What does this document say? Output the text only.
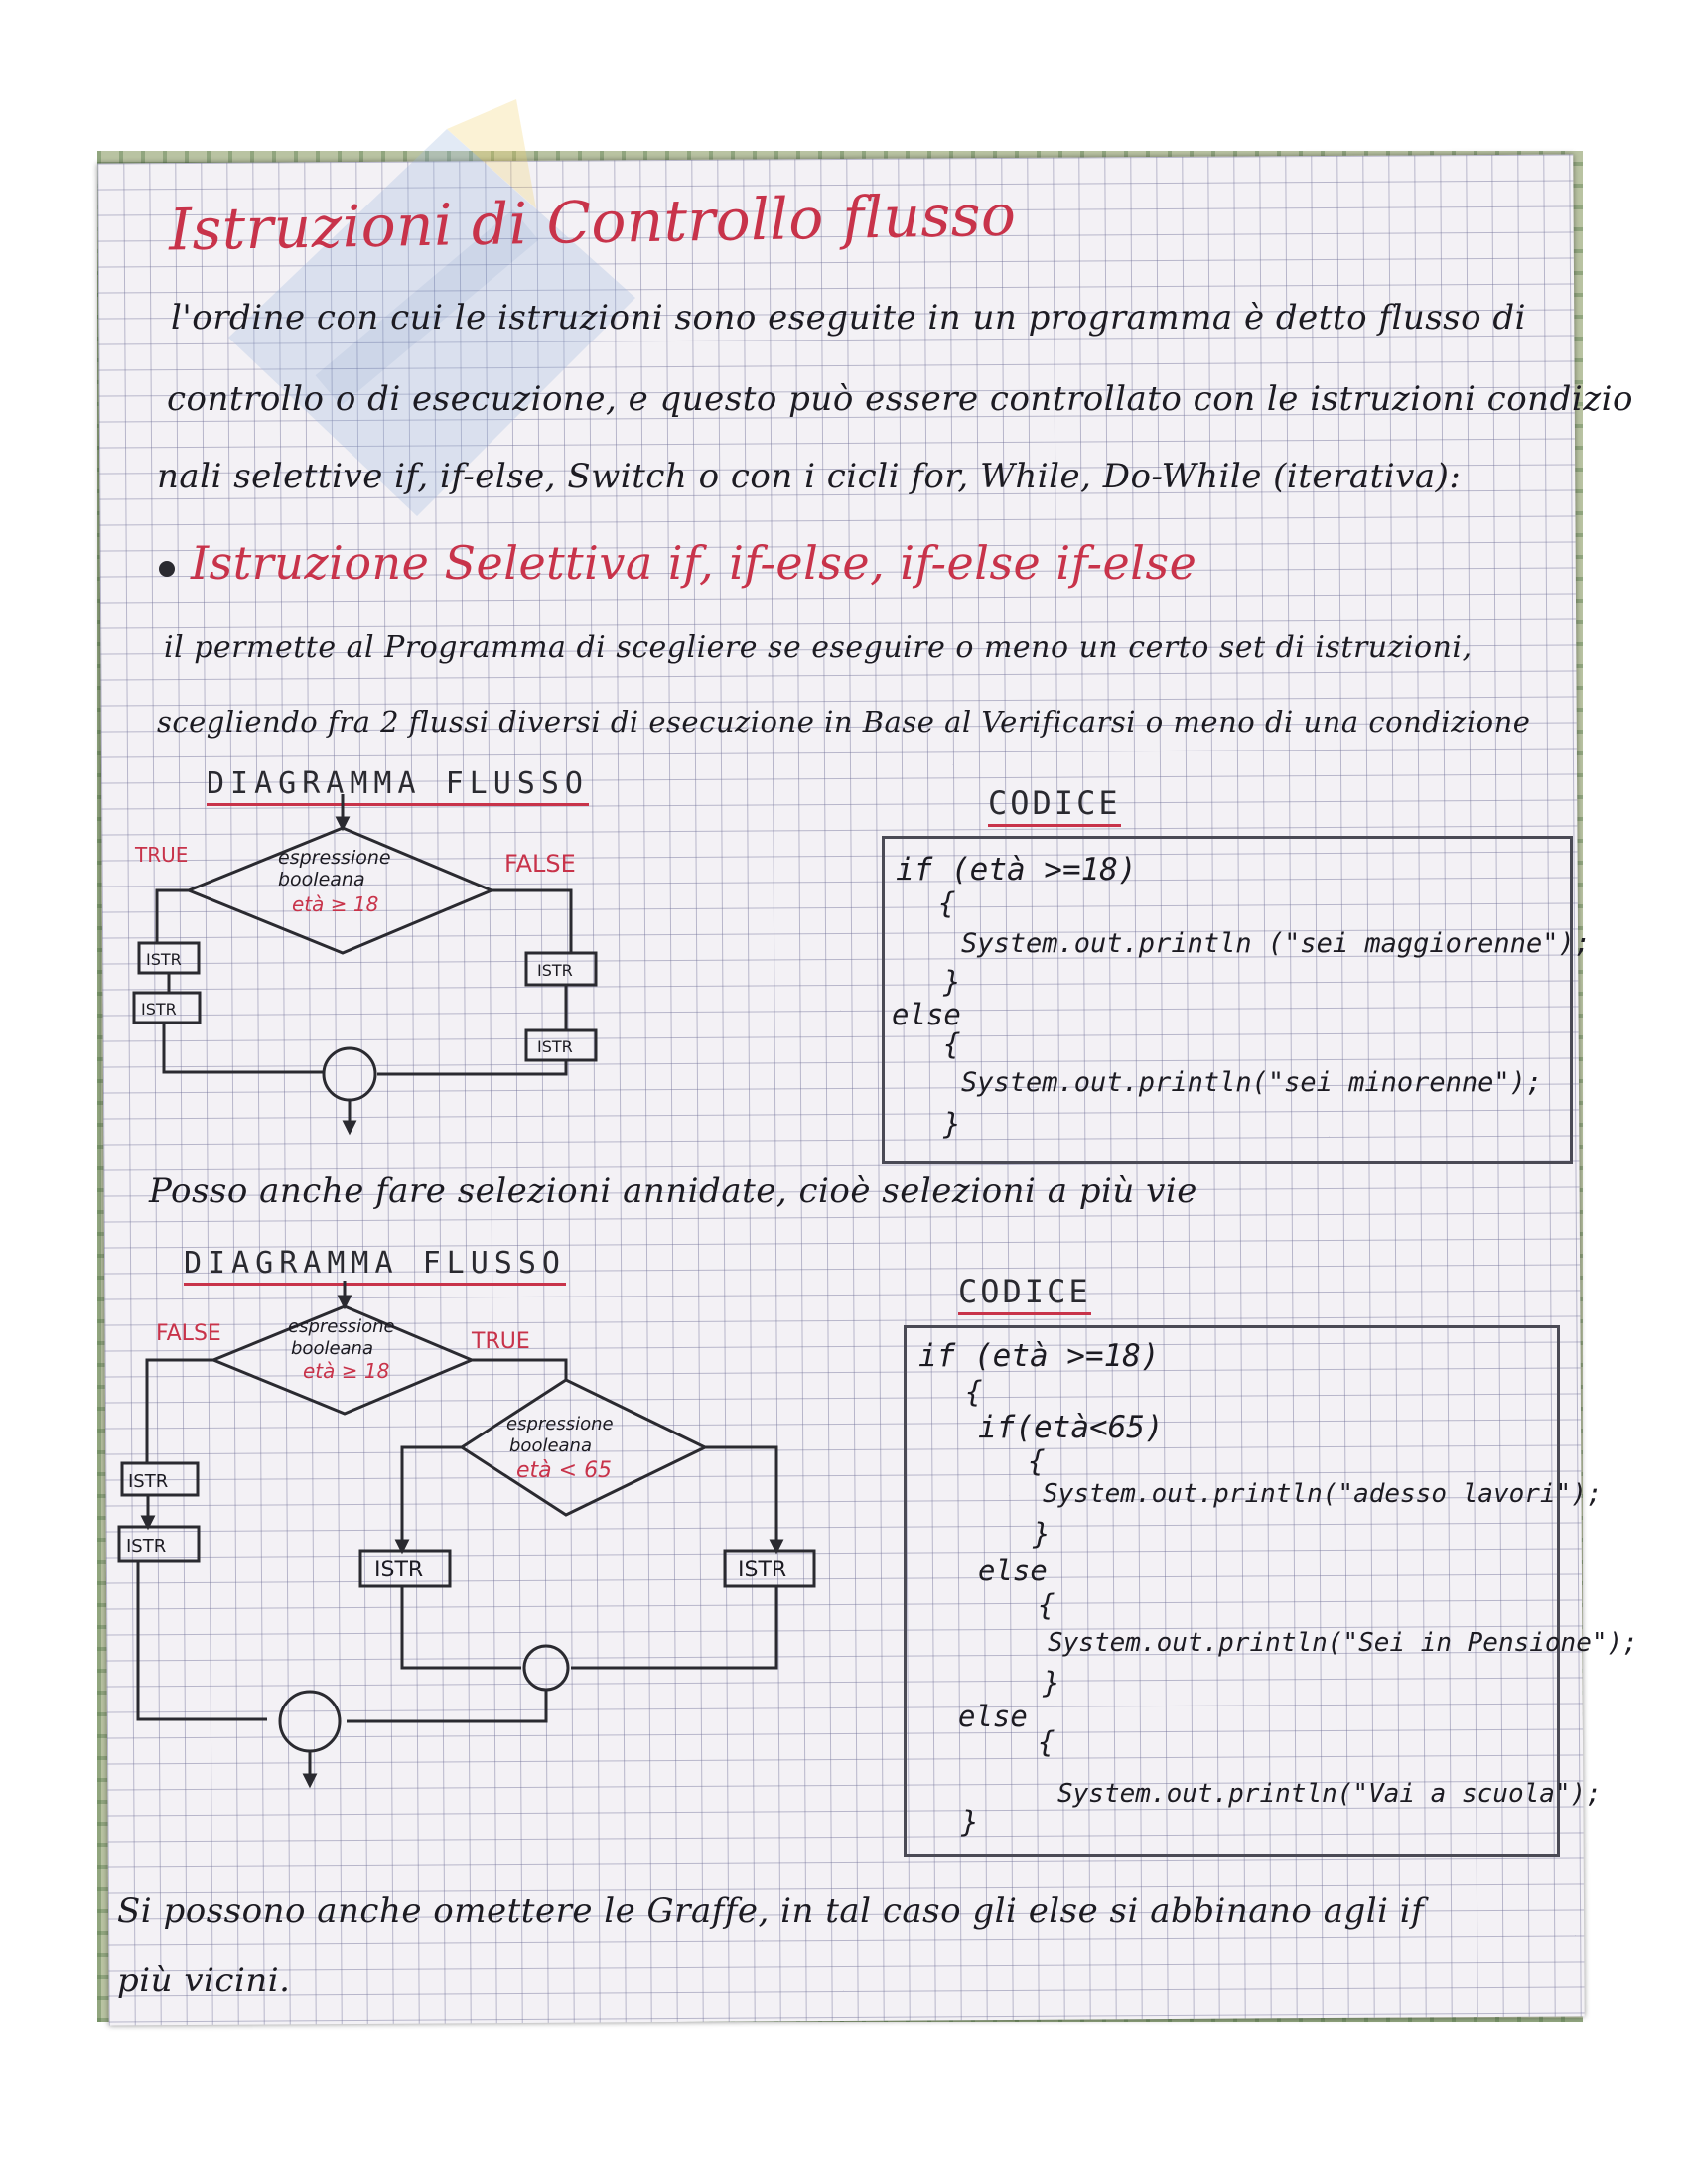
Istruzioni di Controllo flusso
l'ordine con cui le istruzioni sono eseguite in un programma è detto flusso di
controllo o di esecuzione, e questo può essere controllato con le istruzioni condizio
nali selettive if, if-else, Switch o con i cicli for, While, Do-While (iterativa):
Istruzione Selettiva if, if-else, if-else if-else
il permette al Programma di scegliere se eseguire o meno un certo set di istruzioni,
scegliendo fra 2 flussi diversi di esecuzione in Base al Verificarsi o meno di una condizione
DIAGRAMMA FLUSSO
TRUE	FALSE
espressione
booleana
età ≥ 18
ISTR
ISTR
ISTR
ISTR
CODICE
if (età >=18)
{
System.out.println ("sei maggiorenne");
}
else
{
System.out.println("sei minorenne");
}
Posso anche fare selezioni annidate, cioè selezioni a più vie
DIAGRAMMA FLUSSO
FALSE	TRUE
espressione
booleana
età ≥ 18
espressione
booleana
età < 65
ISTR
ISTR
ISTR	ISTR
CODICE
if (età >=18)
{
if(età<65)
{
System.out.println("adesso lavori");
}
else
{
System.out.println("Sei in Pensione");
}
else
{
System.out.println("Vai a scuola");
}
Si possono anche omettere le Graffe, in tal caso gli else si abbinano agli if
più vicini.
